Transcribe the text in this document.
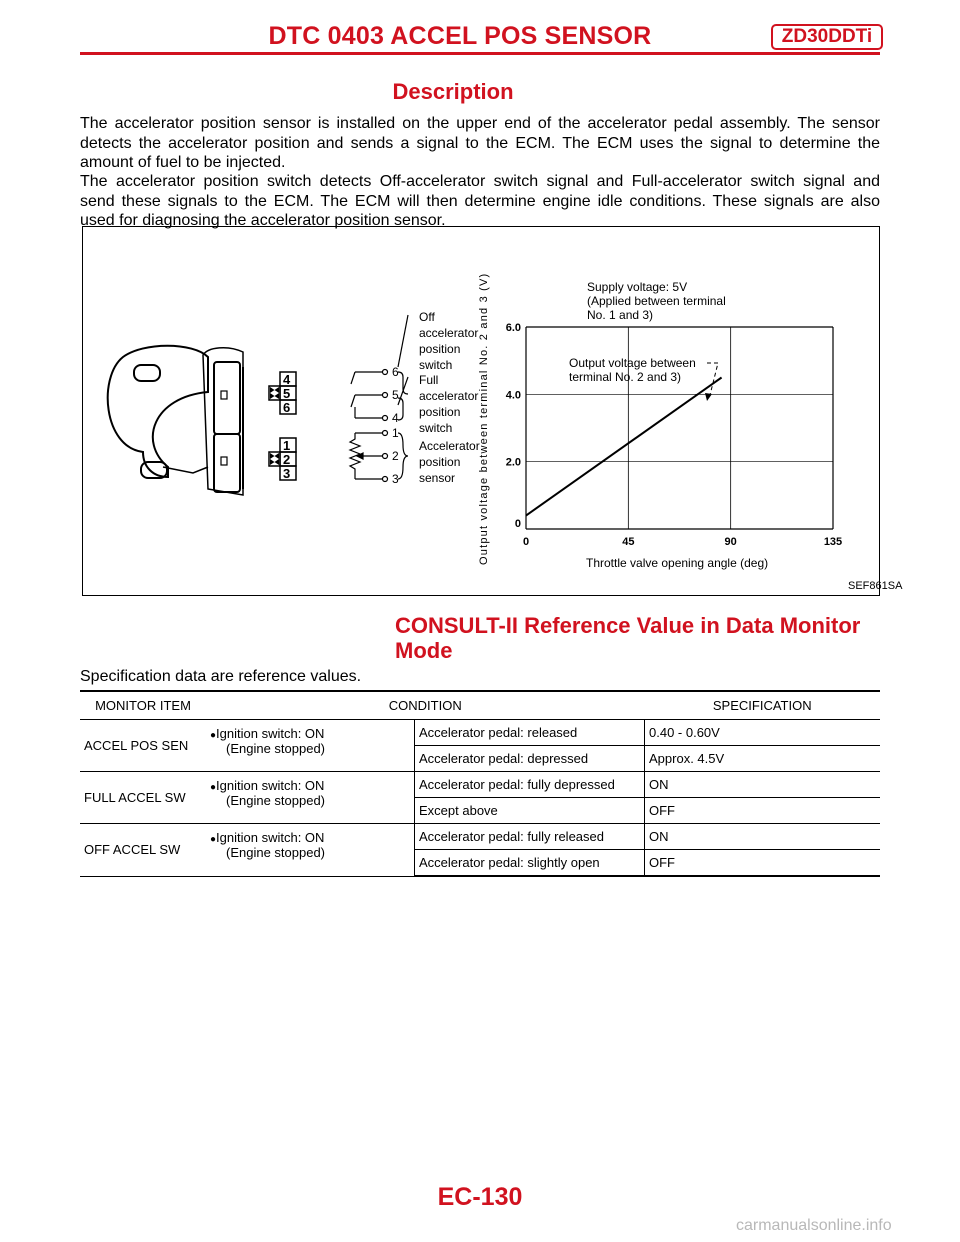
DTC 0403 ACCEL POS SENSOR	ZD30DDTi
Description
The accelerator position sensor is installed on the upper end of the accelerator pedal assembly. The sensor
detects the accelerator position and sends a signal to the ECM. The ECM uses the signal to determine the
amount of fuel to be injected.
The accelerator position switch detects Off-accelerator switch signal and Full-accelerator switch signal and
send these signals to the ECM. The ECM will then determine engine idle conditions. These signals are also
used for diagnosing the accelerator position sensor.
4
5
6
1
2
3
6
5
4
1
2
3
Off
accelerator
position
switch
Full
accelerator
position
switch
Accelerator
position
sensor Output voltage between terminal No. 2 and 3 (V)	Throttle valve opening angle (deg)
Supply voltage: 5V
(Applied between terminal
No. 1 and 3)
Output voltage between
terminal No. 2 and 3)
0	45	90	135
0
2.0
4.0
6.0
SEF861SA
CONSULT-II Reference Value in Data Monitor
Mode
Specification data are reference values.
MONITOR ITEM	CONDITION		SPECIFICATION
ACCEL POS SEN	●Ignition switch: ON
(Engine stopped)	Accelerator pedal: released	0.40 - 0.60V
		Accelerator pedal: depressed	Approx. 4.5V
FULL ACCEL SW	●Ignition switch: ON
(Engine stopped)	Accelerator pedal: fully depressed	ON
		Except above	OFF
OFF ACCEL SW	●Ignition switch: ON
(Engine stopped)	Accelerator pedal: fully released	ON
		Accelerator pedal: slightly open	OFF
EC-130
carmanualsonline.info
